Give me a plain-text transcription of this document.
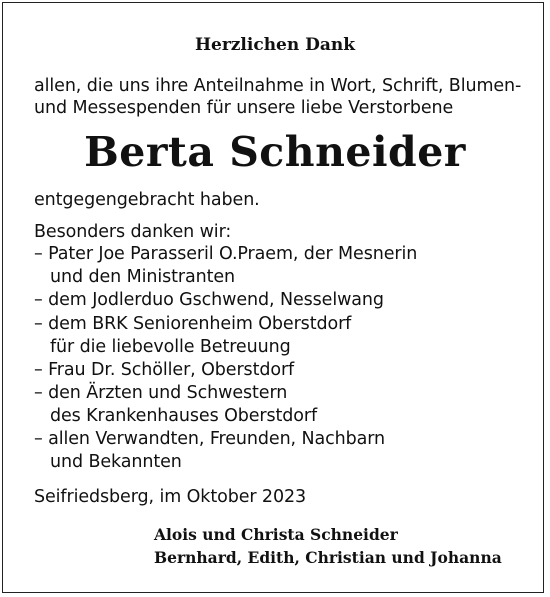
Herzlichen Dank
allen, die uns ihre Anteilnahme in Wort, Schrift, Blumen-
und Messespenden für unsere liebe Verstorbene
Berta Schneider
entgegengebracht haben.
Besonders danken wir:
– Pater Joe Parasseril O.Praem, der Mesnerin
und den Ministranten
– dem Jodlerduo Gschwend, Nesselwang
– dem BRK Seniorenheim Oberstdorf
für die liebevolle Betreuung
– Frau Dr. Schöller, Oberstdorf
– den Ärzten und Schwestern
des Krankenhauses Oberstdorf
– allen Verwandten, Freunden, Nachbarn
und Bekannten
Seifriedsberg, im Oktober 2023
Alois und Christa Schneider
Bernhard, Edith, Christian und Johanna
